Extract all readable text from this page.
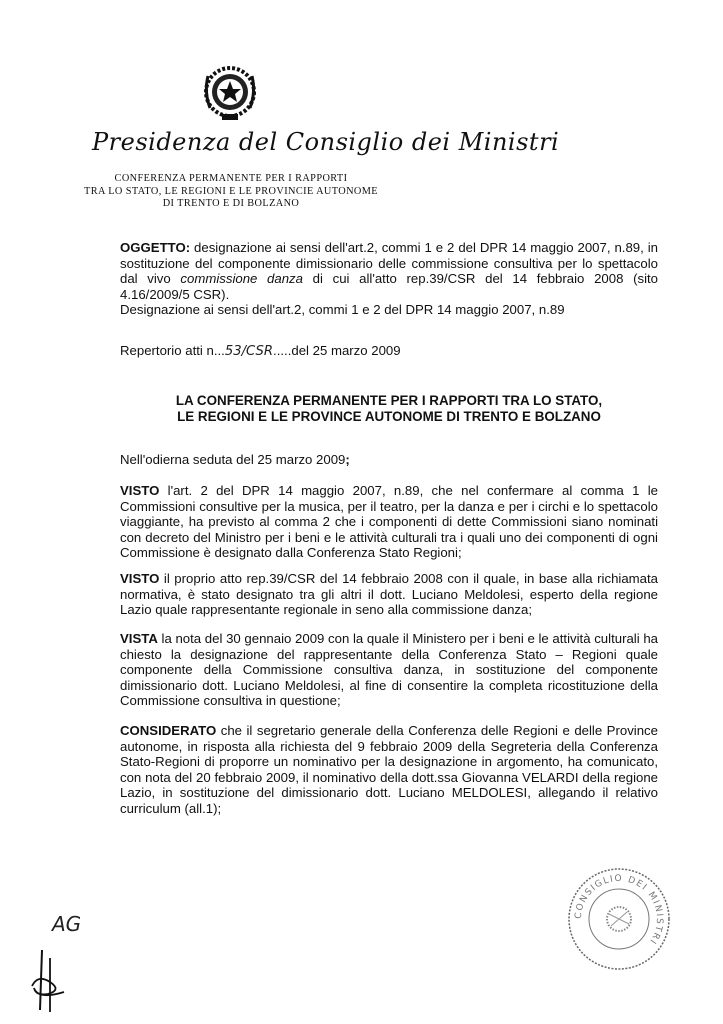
Presidenza del Consiglio dei Ministri
CONFERENZA PERMANENTE PER I RAPPORTI
TRA LO STATO, LE REGIONI E LE PROVINCIE AUTONOME
DI TRENTO E DI BOLZANO
OGGETTO: designazione ai sensi dell'art.2, commi 1 e 2 del DPR 14 maggio 2007, n.89, in sostituzione del componente dimissionario delle commissione consultiva per lo spettacolo dal vivo commissione danza di cui all'atto rep.39/CSR del 14 febbraio 2008 (sito 4.16/2009/5 CSR).
Designazione ai sensi dell'art.2, commi 1 e 2 del DPR 14 maggio 2007, n.89
Repertorio atti n...53/CSR.....del 25 marzo 2009
LA CONFERENZA PERMANENTE PER I RAPPORTI TRA LO STATO,
LE REGIONI E LE PROVINCE AUTONOME DI TRENTO E BOLZANO
Nell'odierna seduta del 25 marzo 2009;
VISTO l'art. 2 del DPR 14 maggio 2007, n.89, che nel confermare al comma 1 le Commissioni consultive per la musica, per il teatro, per la danza e per i circhi e lo spettacolo viaggiante, ha previsto al comma 2 che i componenti di dette Commissioni siano nominati con decreto del Ministro per i beni e le attività culturali tra i quali uno dei componenti di ogni Commissione è designato dalla Conferenza Stato Regioni;
VISTO il proprio atto rep.39/CSR del 14 febbraio 2008 con il quale, in base alla richiamata normativa, è stato designato tra gli altri il dott. Luciano Meldolesi, esperto della regione Lazio quale rappresentante regionale in seno alla commissione danza;
VISTA la nota del 30 gennaio 2009 con la quale il Ministero per i beni e le attività culturali ha chiesto la designazione del rappresentante della Conferenza Stato – Regioni quale componente della Commissione consultiva danza, in sostituzione del componente dimissionario dott. Luciano Meldolesi, al fine di consentire la completa ricostituzione della Commissione consultiva in questione;
CONSIDERATO che il segretario generale della Conferenza delle Regioni e delle Province autonome, in risposta alla richiesta del 9 febbraio 2009 della Segreteria della Conferenza Stato-Regioni di proporre un nominativo per la designazione in argomento, ha comunicato, con nota del 20 febbraio 2009, il nominativo della dott.ssa Giovanna VELARDI della regione Lazio, in sostituzione del dimissionario dott. Luciano MELDOLESI, allegando il relativo curriculum (all.1);
CONSIGLIO DEI MINISTRI
AG
